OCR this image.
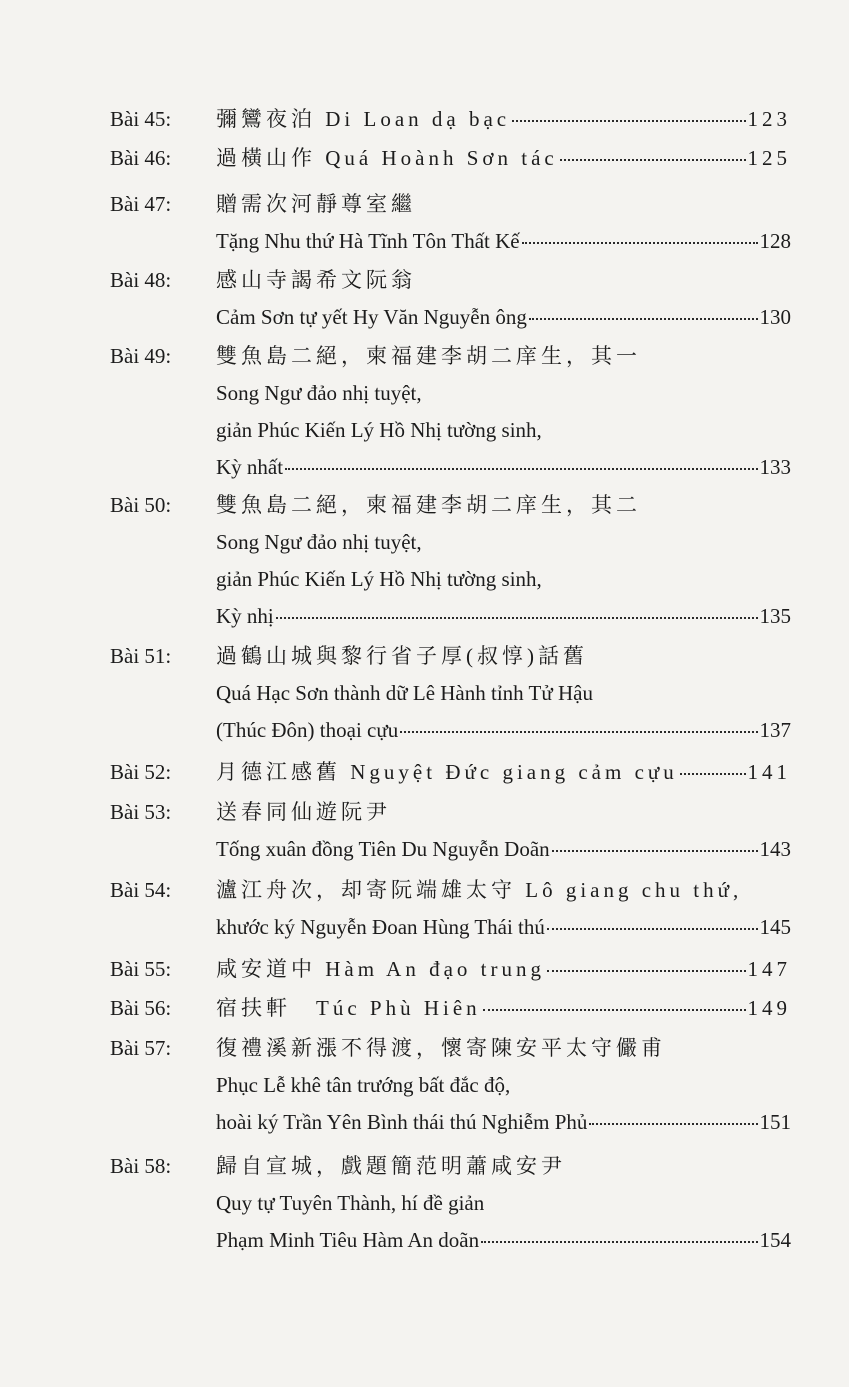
Bài 45: 彌鸞夜泊 Di Loan dạ bạc	123
Bài 46: 過橫山作 Quá Hoành Sơn tác	125
Bài 47: 贈需次河靜尊室繼
Tặng Nhu thứ Hà Tĩnh Tôn Thất Kế	128
Bài 48: 感山寺謁希文阮翁
Cảm Sơn tự yết Hy Văn Nguyễn ông	130
Bài 49: 雙魚島二絕，柬福建李胡二庠生，其一
Song Ngư đảo nhị tuyệt,
giản Phúc Kiến Lý Hồ Nhị tường sinh,
Kỳ nhất	133
Bài 50: 雙魚島二絕，柬福建李胡二庠生，其二
Song Ngư đảo nhị tuyệt,
giản Phúc Kiến Lý Hồ Nhị tường sinh,
Kỳ nhị	135
Bài 51: 過鶴山城與黎行省子厚(叔惇)話舊
Quá Hạc Sơn thành dữ Lê Hành tỉnh Tử Hậu
(Thúc Đôn) thoại cựu	137
Bài 52: 月德江感舊 Nguyệt Đức giang cảm cựu	141
Bài 53: 送春同仙遊阮尹
Tống xuân đồng Tiên Du Nguyễn Doãn	143
Bài 54: 瀘江舟次，却寄阮端雄太守 Lô giang chu thứ,
khước ký Nguyễn Đoan Hùng Thái thú	145
Bài 55: 咸安道中 Hàm An đạo trung	147
Bài 56: 宿扶軒　Túc Phù Hiên	149
Bài 57: 復禮溪新漲不得渡，懷寄陳安平太守儼甫
Phục Lễ khê tân trướng bất đắc độ,
hoài ký Trần Yên Bình thái thú Nghiễm Phủ	151
Bài 58: 歸自宣城，戲題簡范明蕭咸安尹
Quy tự Tuyên Thành, hí đề giản
Phạm Minh Tiêu Hàm An doãn	154
